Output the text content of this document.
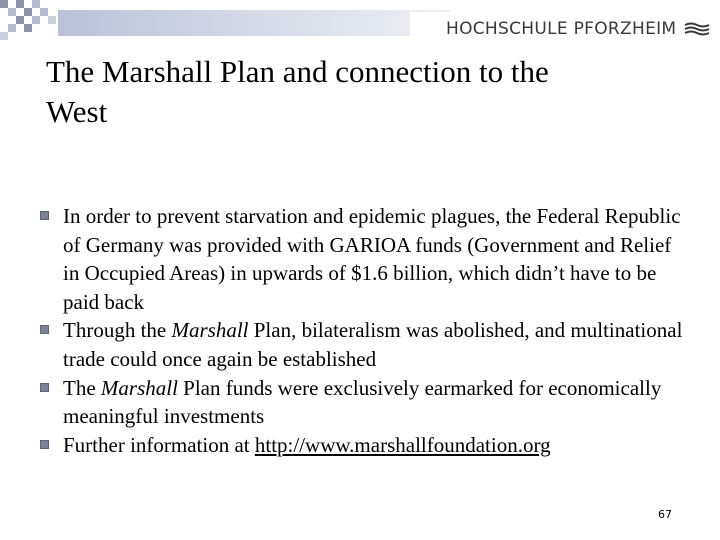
HOCHSCHULE PFORZHEIM
The Marshall Plan and connection to the
West
In order to prevent starvation and epidemic plagues, the Federal Republic of Germany was provided with GARIOA funds (Government and Relief in Occupied Areas) in upwards of $1.6 billion, which didn’t have to be paid back
Through the Marshall Plan, bilateralism was abolished, and multinational trade could once again be established
The Marshall Plan funds were exclusively earmarked for economically meaningful investments
Further information at http://www.marshallfoundation.org
67
